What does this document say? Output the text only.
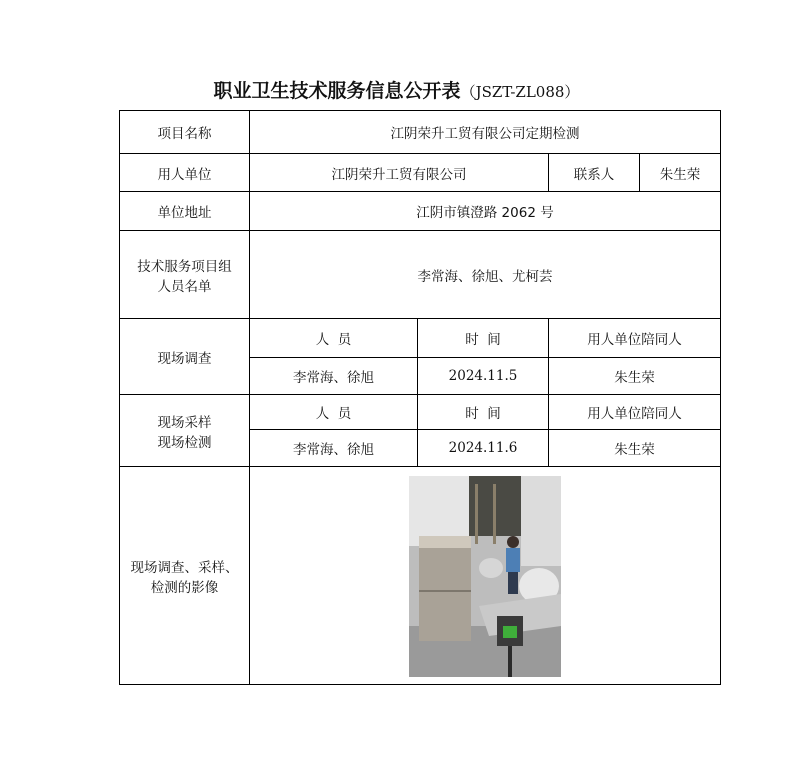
职业卫生技术服务信息公开表（JSZT-ZL088）
项目名称	江阴荣升工贸有限公司定期检测			
用人单位	江阴荣升工贸有限公司		联系人	朱生荣
单位地址	江阴市镇澄路 2062 号			

技术服务项目组
人员名单	李常海、徐旭、尤柯芸			
现场调查	人  员	时  间	用人单位陪同人	
	李常海、徐旭	2024.11.5	朱生荣	

现场采样
现场检测	人  员	时  间	用人单位陪同人	
	李常海、徐旭	2024.11.6	朱生荣	

现场调查、采样、
检测的影像
